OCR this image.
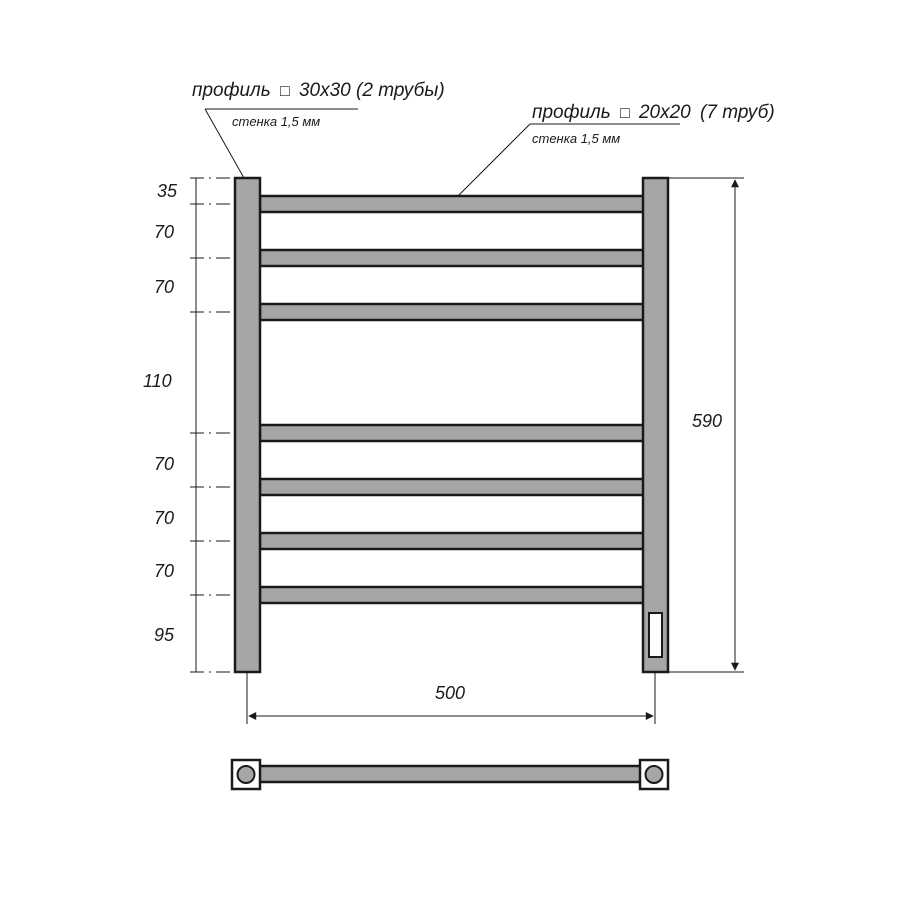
профиль □ 30x30 (2 трубы)
стенка 1,5 мм	профиль □ 20x20 (7 труб)
стенка 1,5 мм
35
70
70
110
70
70
70
95
590
500
